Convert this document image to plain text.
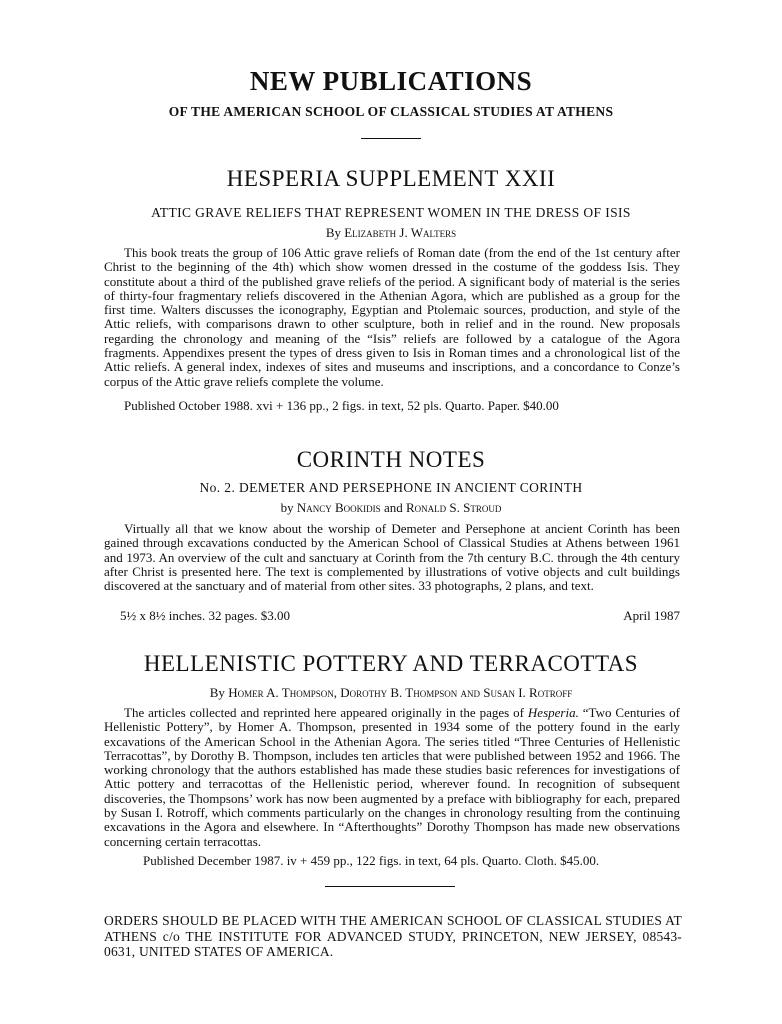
NEW PUBLICATIONS
OF THE AMERICAN SCHOOL OF CLASSICAL STUDIES AT ATHENS
HESPERIA SUPPLEMENT XXII
ATTIC GRAVE RELIEFS THAT REPRESENT WOMEN IN THE DRESS OF ISIS
By Elizabeth J. Walters

This book treats the group of 106 Attic grave reliefs of Roman date (from the end of the 1st century after Christ to the beginning of the 4th) which show women dressed in the costume of the goddess Isis. They constitute about a third of the published grave reliefs of the period. A significant body of material is the series of thirty-four fragmentary reliefs discovered in the Athenian Agora, which are published as a group for the first time. Walters discusses the iconography, Egyptian and Ptolemaic sources, production, and style of the Attic reliefs, with comparisons drawn to other sculpture, both in relief and in the round. New proposals regarding the chronology and meaning of the “Isis” reliefs are followed by a catalogue of the Agora fragments. Appendixes present the types of dress given to Isis in Roman times and a chronological list of the Attic reliefs. A general index, indexes of sites and museums and inscriptions, and a concordance to Conze’s corpus of the Attic grave reliefs complete the volume.

Published October 1988. xvi + 136 pp., 2 figs. in text, 52 pls. Quarto. Paper. $40.00
CORINTH NOTES
No. 2. DEMETER AND PERSEPHONE IN ANCIENT CORINTH
by Nancy Bookidis and Ronald S. Stroud

Virtually all that we know about the worship of Demeter and Persephone at ancient Corinth has been gained through excavations conducted by the American School of Classical Studies at Athens between 1961 and 1973. An overview of the cult and sanctuary at Corinth from the 7th century B.C. through the 4th century after Christ is presented here. The text is complemented by illustrations of votive objects and cult buildings discovered at the sanctuary and of material from other sites. 33 photographs, 2 plans, and text.

5½ x 8½ inches. 32 pages. $3.00	April 1987
HELLENISTIC POTTERY AND TERRACOTTAS
By Homer A. Thompson, Dorothy B. Thompson and Susan I. Rotroff

The articles collected and reprinted here appeared originally in the pages of Hesperia. “Two Centuries of Hellenistic Pottery”, by Homer A. Thompson, presented in 1934 some of the pottery found in the early excavations of the American School in the Athenian Agora. The series titled “Three Centuries of Hellenistic Terracottas”, by Dorothy B. Thompson, includes ten articles that were published between 1952 and 1966. The working chronology that the authors established has made these studies basic references for investigations of Attic pottery and terracottas of the Hellenistic period, wherever found. In recognition of subsequent discoveries, the Thompsons’ work has now been augmented by a preface with bibliography for each, prepared by Susan I. Rotroff, which comments particularly on the changes in chronology resulting from the continuing excavations in the Agora and elsewhere. In “Afterthoughts” Dorothy Thompson has made new observations concerning certain terracottas.

Published December 1987. iv + 459 pp., 122 figs. in text, 64 pls. Quarto. Cloth. $45.00.
ORDERS SHOULD BE PLACED WITH THE AMERICAN SCHOOL OF CLASSICAL STUDIES AT ATHENS c/o THE INSTITUTE FOR ADVANCED STUDY, PRINCETON, NEW JERSEY, 08543-0631, UNITED STATES OF AMERICA.
